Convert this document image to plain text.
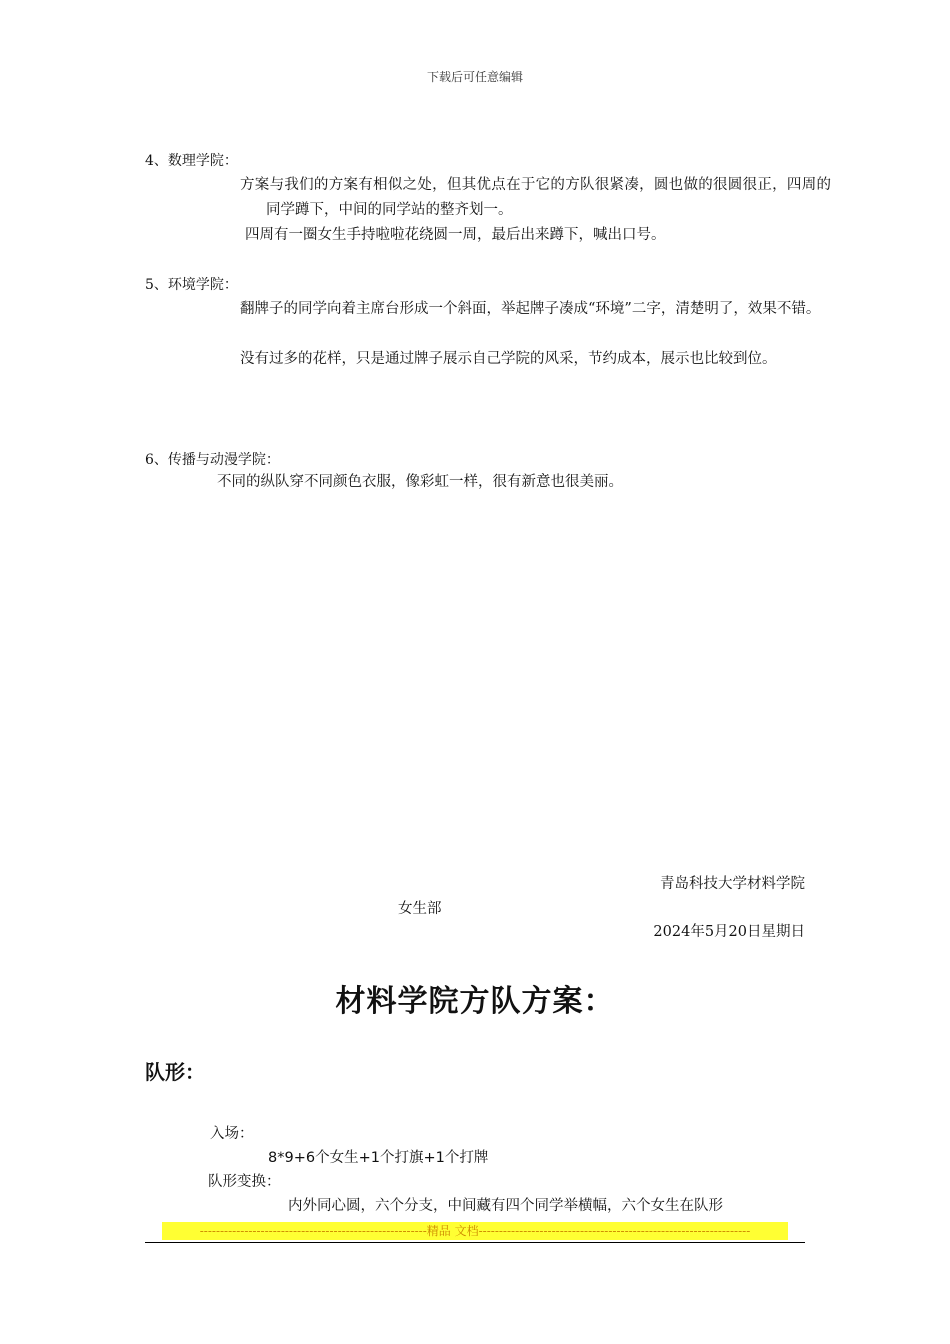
下载后可任意编辑
4、数理学院：
方案与我们的方案有相似之处，但其优点在于它的方队很紧凑，圆也做的很圆很正，四周的同学蹲下，中间的同学站的整齐划一。
四周有一圈女生手持啦啦花绕圆一周，最后出来蹲下，喊出口号。
5、环境学院：
翻牌子的同学向着主席台形成一个斜面，举起牌子凑成“环境”二字，清楚明了，效果不错。
没有过多的花样，只是通过牌子展示自己学院的风采，节约成本，展示也比较到位。
6、传播与动漫学院：
不同的纵队穿不同颜色衣服，像彩虹一样，很有新意也很美丽。
青岛科技大学材料学院
女生部
2024年5月20日星期日
材料学院方队方案：
队形：
入场：
8*9+6个女生+1个打旗+1个打牌
队形变换：
内外同心圆，六个分支，中间藏有四个同学举横幅，六个女生在队形
--------------------------------------------------------精品 文档-------------------------------------------------------------------
